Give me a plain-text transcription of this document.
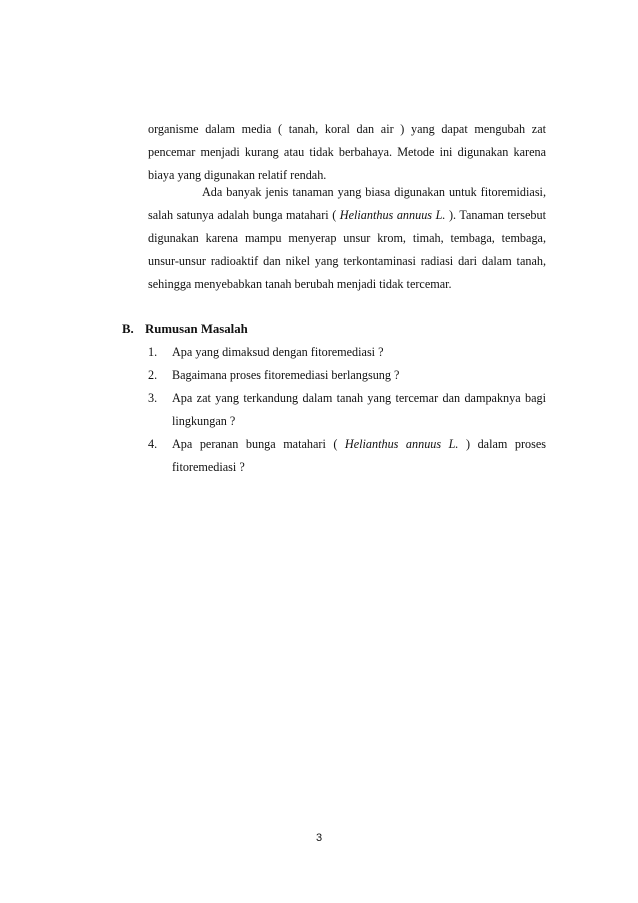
organisme dalam media ( tanah, koral dan air ) yang dapat mengubah zat pencemar menjadi kurang atau tidak berbahaya. Metode ini digunakan karena biaya yang digunakan relatif rendah.

Ada banyak jenis tanaman yang biasa digunakan untuk fitoremidiasi, salah satunya adalah bunga matahari ( Helianthus annuus L. ). Tanaman tersebut digunakan karena mampu menyerap unsur krom, timah, tembaga, tembaga, unsur-unsur radioaktif dan nikel yang terkontaminasi radiasi dari dalam tanah, sehingga menyebabkan tanah berubah menjadi tidak tercemar.

B. Rumusan Masalah
1. Apa yang dimaksud dengan fitoremediasi ?
2. Bagaimana proses fitoremediasi berlangsung ?
3. Apa zat yang terkandung dalam tanah yang tercemar dan dampaknya bagi lingkungan ?
4. Apa peranan bunga matahari ( Helianthus annuus L. ) dalam proses fitoremediasi ?
3
